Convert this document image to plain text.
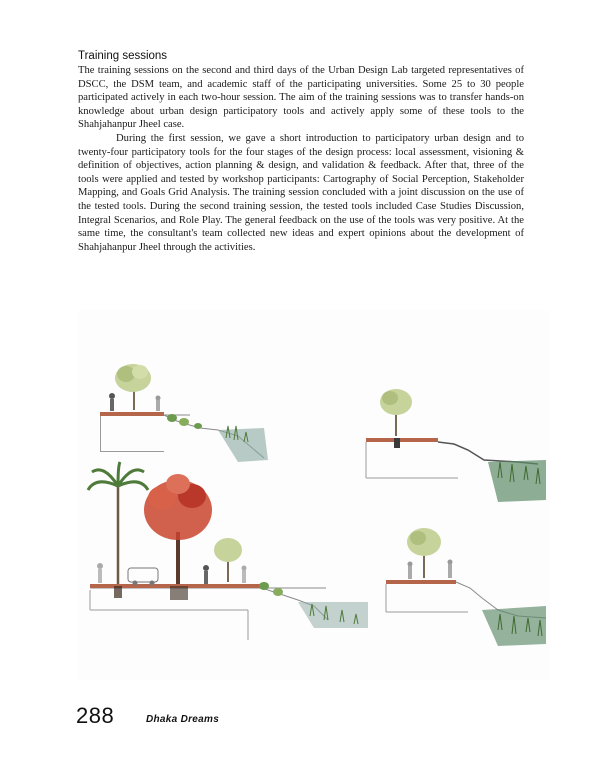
Training sessions

The training sessions on the second and third days of the Urban Design Lab targeted representatives of DSCC, the DSM team, and academic staff of the participating universities. Some 25 to 30 people participated actively in each two-hour session. The aim of the training sessions was to transfer hands-on knowledge about urban design participatory tools and actively apply some of these tools to the Shahjahanpur Jheel case.

During the first session, we gave a short introduction to participatory urban design and to twenty-four participatory tools for the four stages of the design process: local assessment, visioning & definition of objectives, action planning & design, and validation & feedback. After that, three of the tools were applied and tested by workshop participants: Cartography of Social Perception, Stakeholder Mapping, and Goals Grid Analysis. The training session concluded with a joint discussion on the use of the tested tools. During the second training session, the tested tools included Case Studies Discussion, Integral Scenarios, and Role Play. The general feedback on the use of the tools was very positive. At the same time, the consultant's team collected new ideas and expert opinions about the development of Shahjahanpur Jheel through the activities.

288	Dhaka Dreams
